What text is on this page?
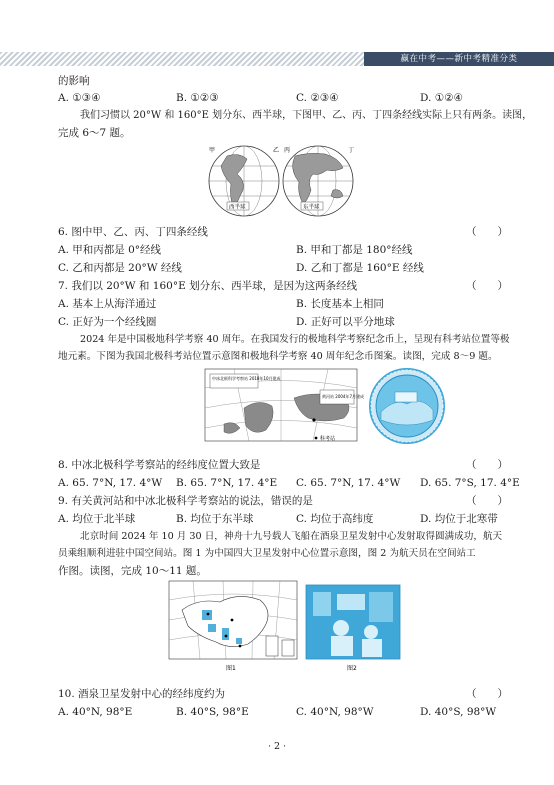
赢在中考——新中考精准分类
的影响
A. ①③④	B. ①②③	C. ②③④	D. ①②④
我们习惯以 20°W 和 160°E 划分东、西半球，下图甲、乙、丙、丁四条经线实际上只有两条。读图，
完成 6～7 题。
甲	乙 丙	丁
西半球	东半球
6. 图中甲、乙、丙、丁四条经线	（　　）
A. 甲和丙都是 0°经线	B. 甲和丁都是 180°经线
C. 乙和丙都是 20°W 经线	D. 乙和丁都是 160°E 经线
7. 我们以 20°W 和 160°E 划分东、西半球，是因为这两条经线	（　　）
A. 基本上从海洋通过	B. 长度基本上相同
C. 正好为一个经线圈	D. 正好可以平分地球
2024 年是中国极地科学考察 40 周年。在我国发行的极地科学考察纪念币上，呈现有科考站位置等极
地元素。下图为我国北极科考站位置示意图和极地科学考察 40 周年纪念币图案。读图，完成 8～9 题。
中冰北极科学考察站 2018年10月建成
黄河站 2004年7月建成
科考站
8. 中冰北极科学考察站的经纬度位置大致是	（　　）
A. 65. 7°N, 17. 4°W B. 65. 7°N, 17. 4°E C. 65. 7°N, 17. 4°W D. 65. 7°S, 17. 4°E
9. 有关黄河站和中冰北极科学考察站的说法，错误的是	（　　）
A. 均位于北半球	B. 均位于东半球	C. 均位于高纬度	D. 均位于北寒带
北京时间 2024 年 10 月 30 日，神舟十九号载人飞船在酒泉卫星发射中心发射取得圆满成功，航天
员乘组顺利进驻中国空间站。图 1 为中国四大卫星发射中心位置示意图，图 2 为航天员在空间站工
作图。读图，完成 10～11 题。
图1	图2
10. 酒泉卫星发射中心的经纬度约为	（　　）
A. 40°N, 98°E	B. 40°S, 98°E	C. 40°N, 98°W	D. 40°S, 98°W
· 2 ·
